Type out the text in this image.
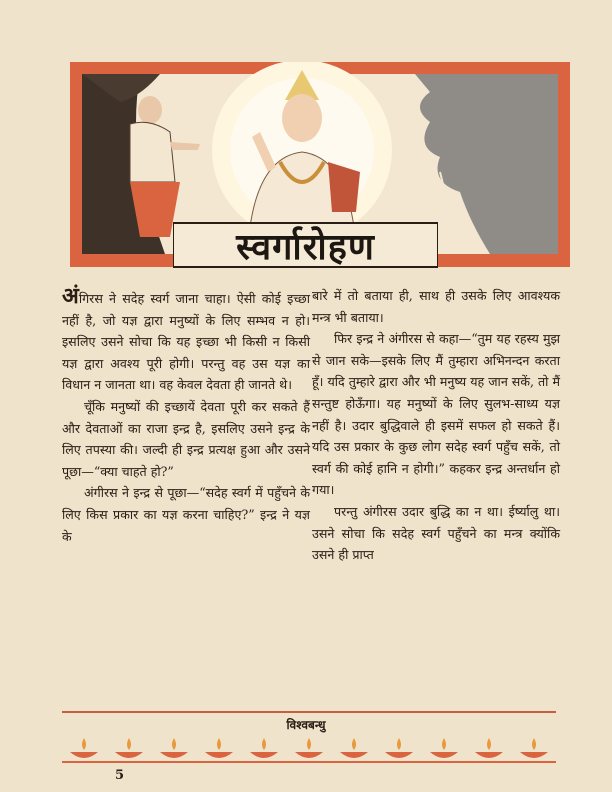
स्वर्गारोहण

अंगिरस ने सदेह स्वर्ग जाना चाहा। ऐसी कोई इच्छा नहीं है, जो यज्ञ द्वारा मनुष्यों के लिए सम्भव न हो। इसलिए उसने सोचा कि यह इच्छा भी किसी न किसी यज्ञ द्वारा अवश्य पूरी होगी। परन्तु वह उस यज्ञ का विधान न जानता था। वह केवल देवता ही जानते थे।

चूँकि मनुष्यों की इच्छायें देवता पूरी कर सकते हैं और देवताओं का राजा इन्द्र है, इसलिए उसने इन्द्र के लिए तपस्या की। जल्दी ही इन्द्र प्रत्यक्ष हुआ और उसने पूछा—“क्या चाहते हो?”

अंगीरस ने इन्द्र से पूछा—“सदेह स्वर्ग में पहुँचने के लिए किस प्रकार का यज्ञ करना चाहिए?” इन्द्र ने यज्ञ के

बारे में तो बताया ही, साथ ही उसके लिए आवश्यक मन्त्र भी बताया।

फिर इन्द्र ने अंगीरस से कहा—“तुम यह रहस्य मुझ से जान सके—इसके लिए मैं तुम्हारा अभिनन्दन करता हूँ। यदि तुम्हारे द्वारा और भी मनुष्य यह जान सकें, तो मैं सन्तुष्ट होऊँगा। यह मनुष्यों के लिए सुलभ-साध्य यज्ञ नहीं है। उदार बुद्धिवाले ही इसमें सफल हो सकते हैं। यदि उस प्रकार के कुछ लोग सदेह स्वर्ग पहुँच सकें, तो स्वर्ग की कोई हानि न होगी।” कहकर इन्द्र अन्तर्धान हो गया।

परन्तु अंगीरस उदार बुद्धि का न था। ईर्ष्यालु था। उसने सोचा कि सदेह स्वर्ग पहुँचने का मन्त्र क्योंकि उसने ही प्राप्त

विश्वबन्धु
5
